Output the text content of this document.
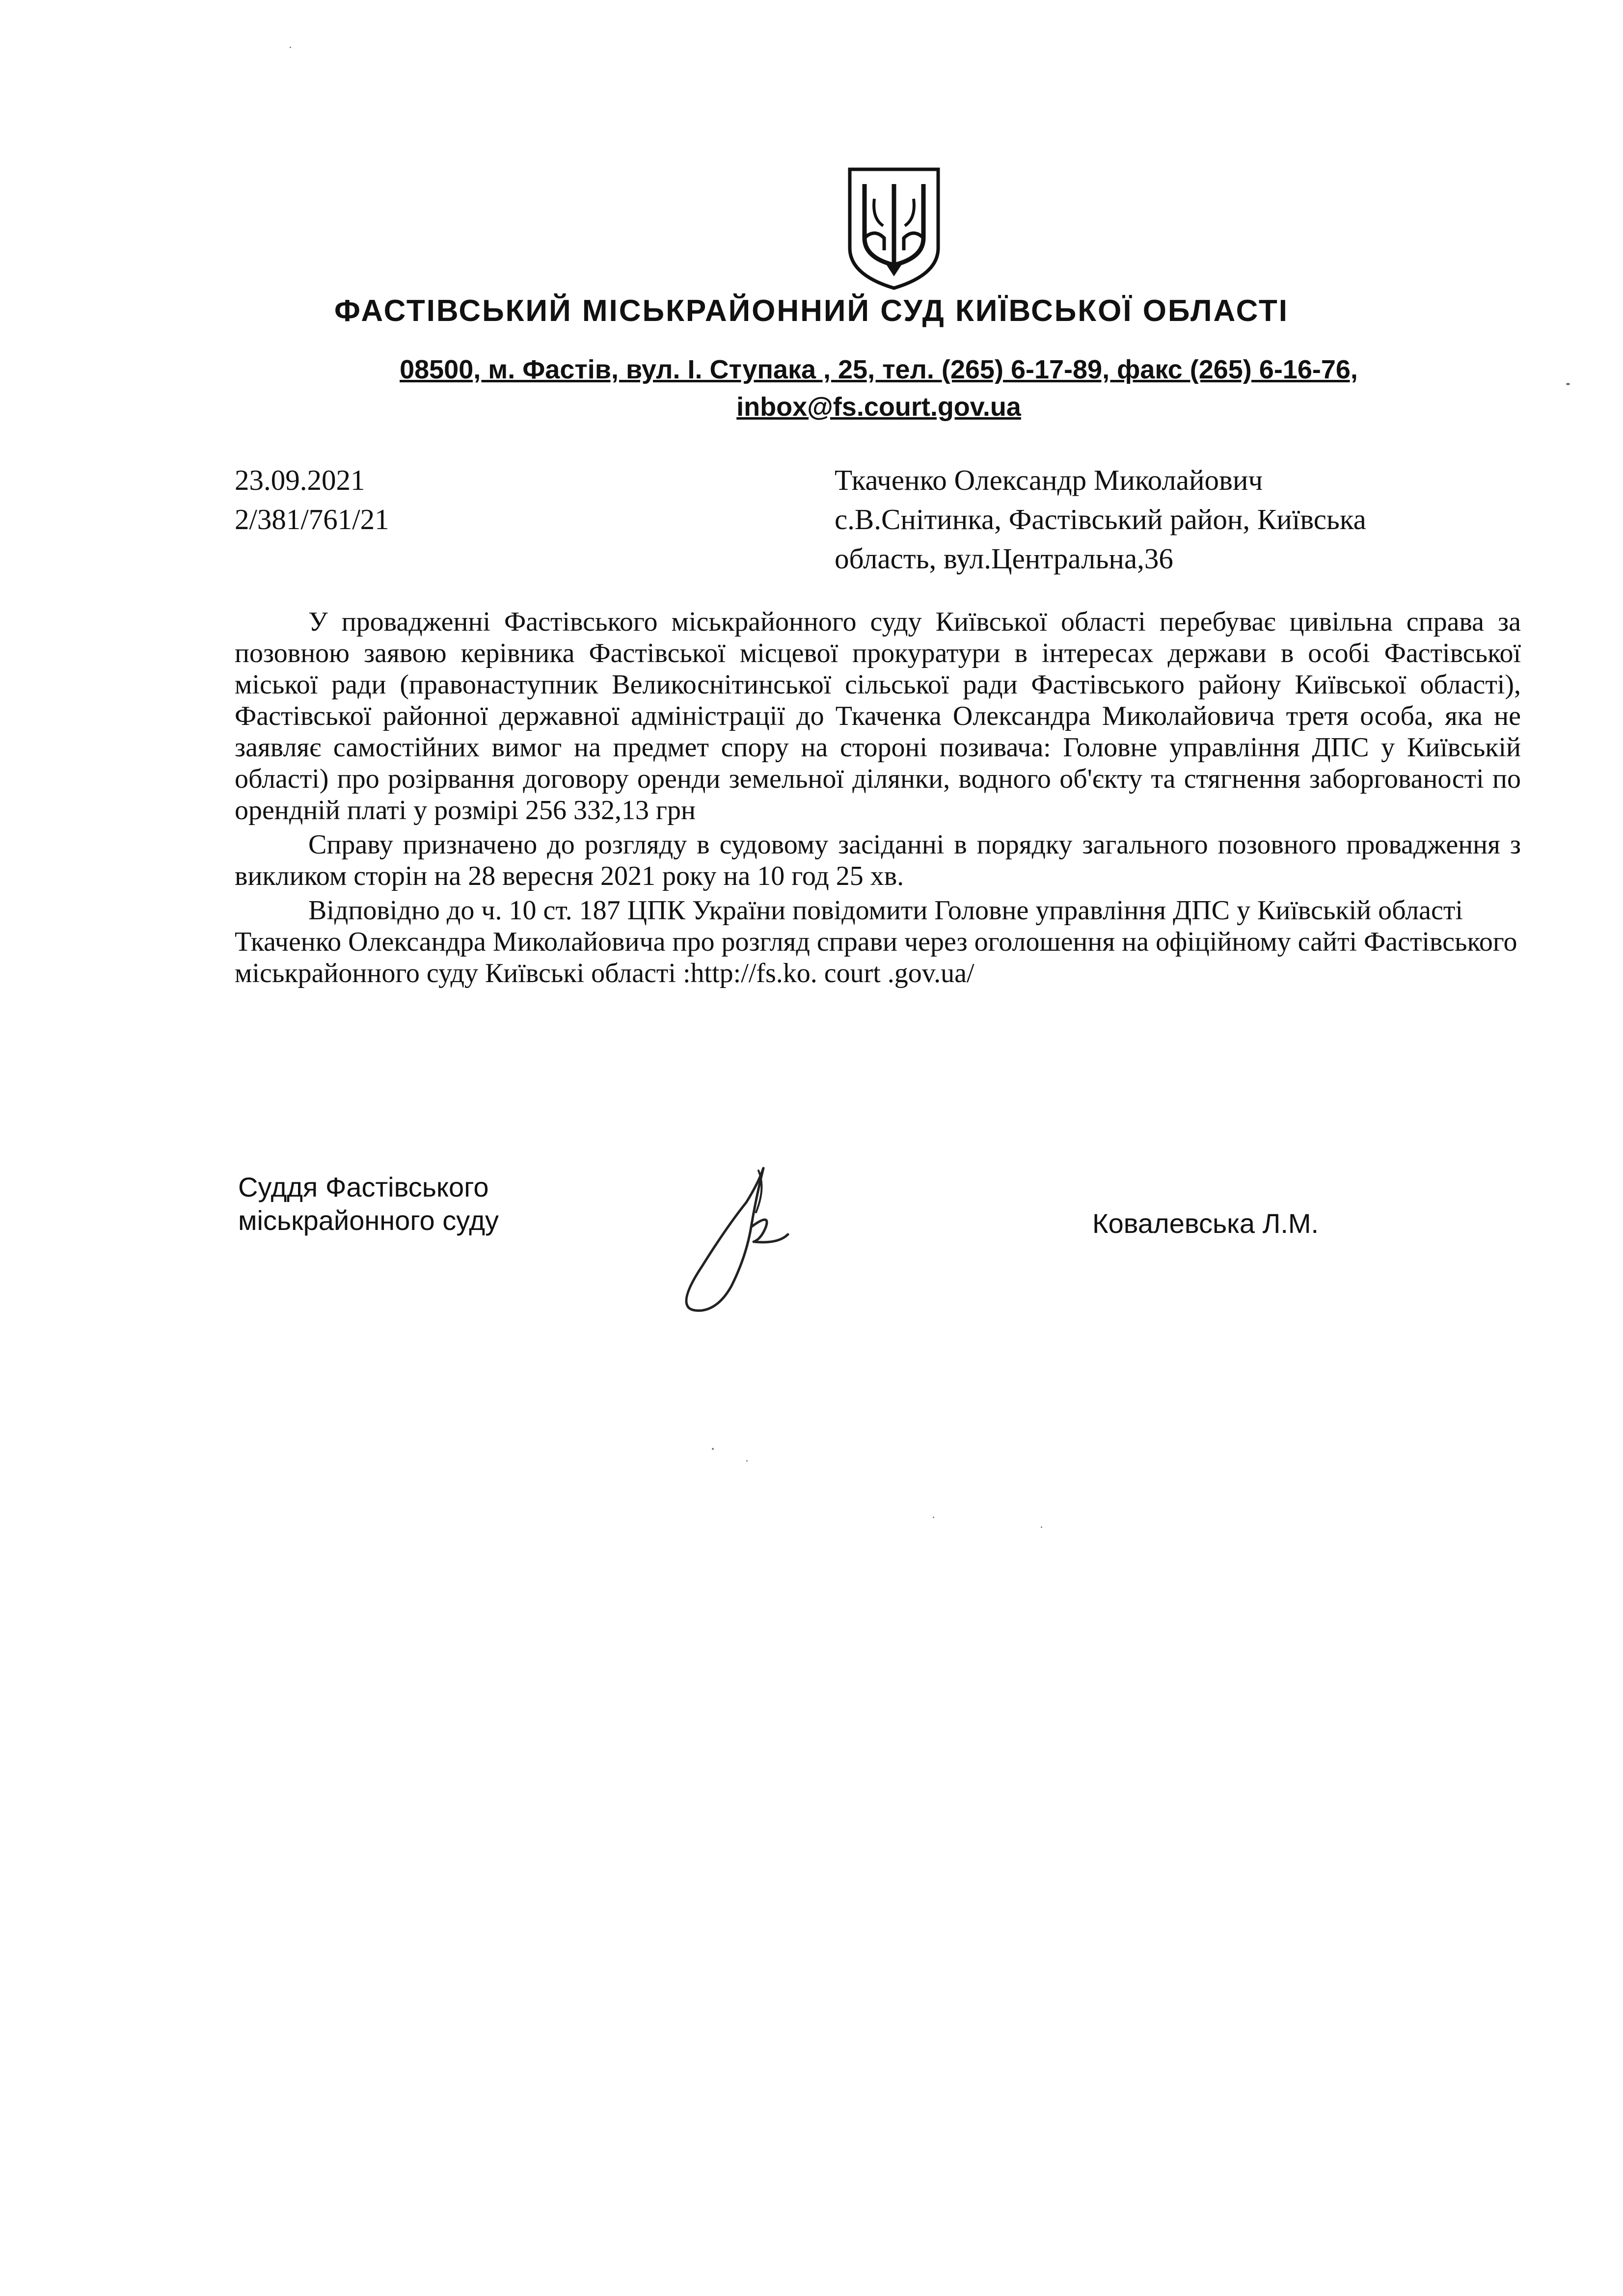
ФАСТІВСЬКИЙ МІСЬКРАЙОННИЙ СУД КИЇВСЬКОЇ ОБЛАСТІ
08500, м. Фастів, вул. І. Ступака , 25, тел. (265) 6-17-89, факс (265) 6-16-76,
inbox@fs.court.gov.ua
23.09.2021
2/381/761/21
Ткаченко Олександр Миколайович
с.В.Снітинка, Фастівський район, Київська
область, вул.Центральна,36

У провадженні Фастівського міськрайонного суду Київської області перебуває цивільна справа за позовною заявою керівника Фастівської місцевої прокуратури в інтересах держави в особі Фастівської міської ради (правонаступник Великоснітинської сільської ради Фастівського району Київської області), Фастівської районної державної адміністрації до Ткаченка Олександра Миколайовича третя особа, яка не заявляє самостійних вимог на предмет спору на стороні позивача: Головне управління ДПС у Київській області) про розірвання договору оренди земельної ділянки, водного об'єкту та стягнення заборгованості по орендній платі у розмірі 256 332,13 грн

Справу призначено до розгляду в судовому засіданні в порядку загального позовного провадження з викликом сторін на 28 вересня 2021 року на 10 год 25 хв.

Відповідно до ч. 10 ст. 187 ЦПК України повідомити Головне управління ДПС у Київській області Ткаченко Олександра Миколайовича про розгляд справи через оголошення на офіційному сайті Фастівського міськрайонного суду Київські області :http://fs.ko. court .gov.ua/

Суддя Фастівського
міськрайонного суду	Ковалевська Л.М.
